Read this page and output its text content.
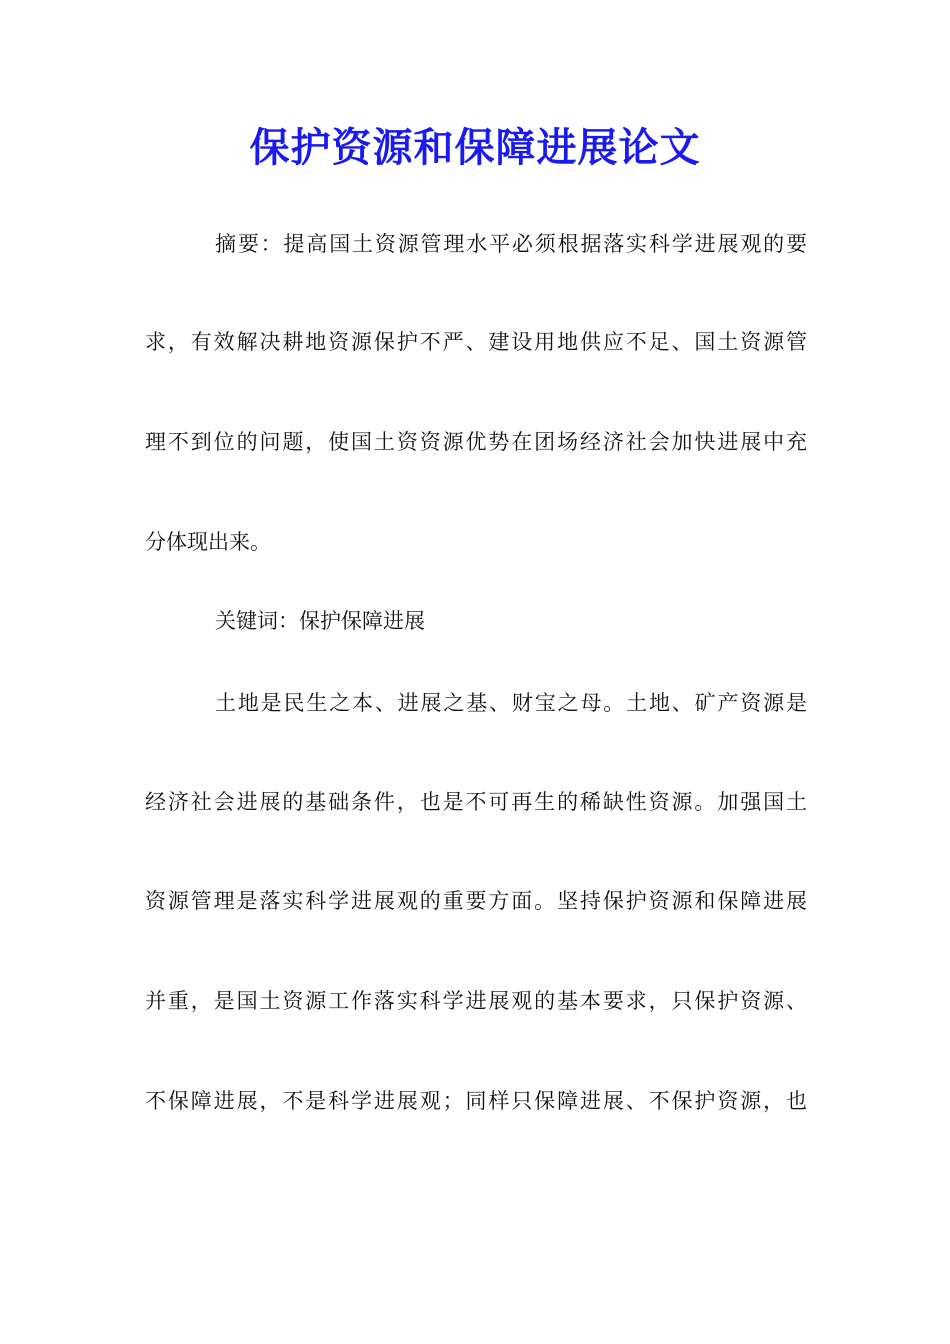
保护资源和保障进展论文

摘要：提高国土资源管理水平必须根据落实科学进展观的要

求，有效解决耕地资源保护不严、建设用地供应不足、国土资源管

理不到位的问题，使国土资资源优势在团场经济社会加快进展中充

分体现出来。

关键词：保护保障进展

土地是民生之本、进展之基、财宝之母。土地、矿产资源是

经济社会进展的基础条件，也是不可再生的稀缺性资源。加强国土

资源管理是落实科学进展观的重要方面。坚持保护资源和保障进展

并重，是国土资源工作落实科学进展观的基本要求，只保护资源、

不保障进展，不是科学进展观；同样只保障进展、不保护资源，也
